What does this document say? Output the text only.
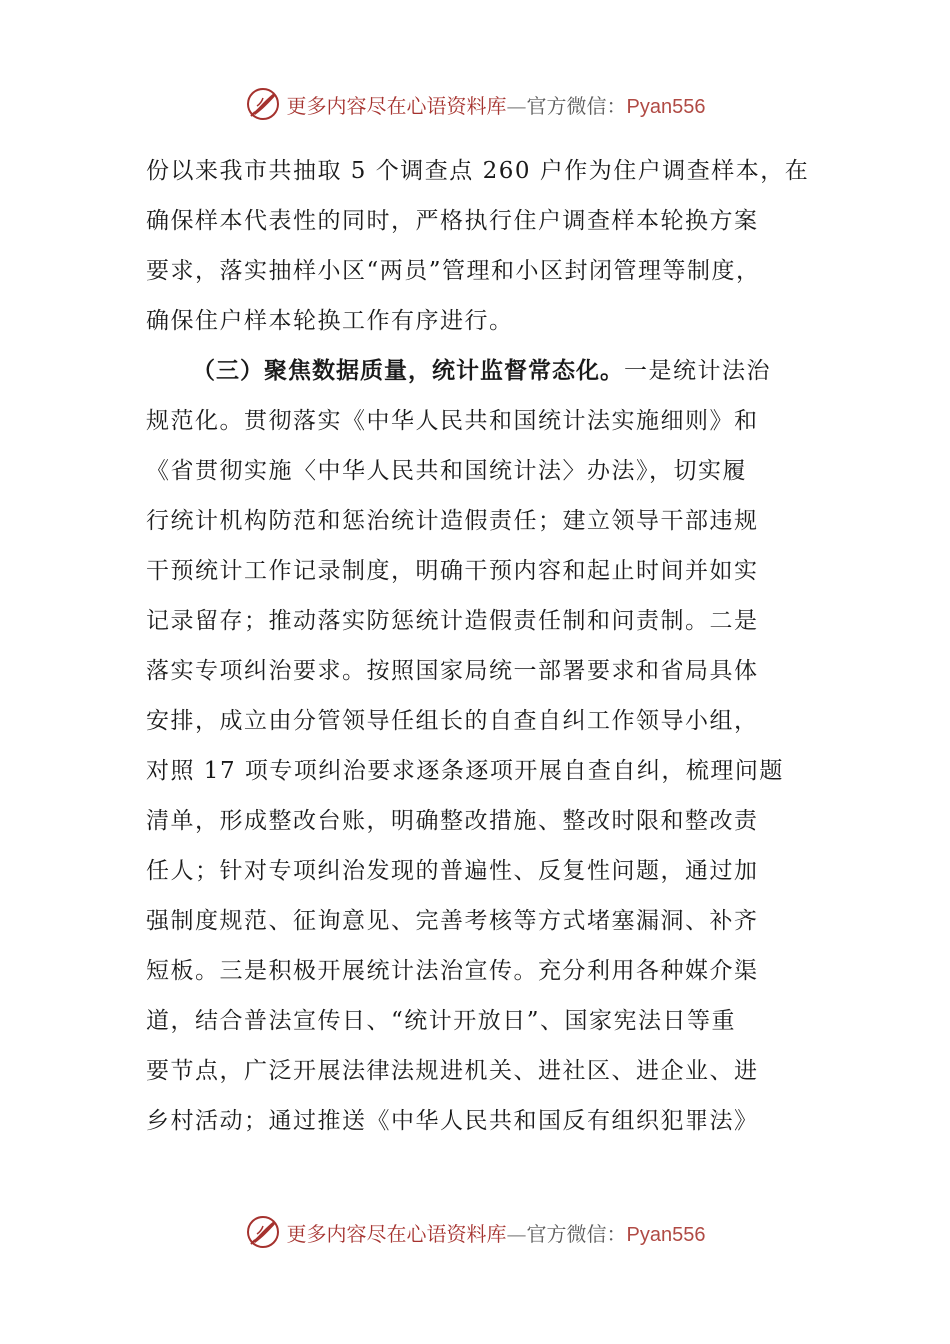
更多内容尽在心语资料库 — 官方微信： Pyan556
份以来我市共抽取 5 个调查点 260 户作为住户调查样本，在
确保样本代表性的同时，严格执行住户调查样本轮换方案
要求，落实抽样小区“两员”管理和小区封闭管理等制度，
确保住户样本轮换工作有序进行。
（三）聚焦数据质量，统计监督常态化。一是统计法治
规范化。贯彻落实《中华人民共和国统计法实施细则》和
《省贯彻实施〈中华人民共和国统计法〉办法》，切实履
行统计机构防范和惩治统计造假责任；建立领导干部违规
干预统计工作记录制度，明确干预内容和起止时间并如实
记录留存；推动落实防惩统计造假责任制和问责制。二是
落实专项纠治要求。按照国家局统一部署要求和省局具体
安排，成立由分管领导任组长的自查自纠工作领导小组，
对照 17 项专项纠治要求逐条逐项开展自查自纠，梳理问题
清单，形成整改台账，明确整改措施、整改时限和整改责
任人；针对专项纠治发现的普遍性、反复性问题，通过加
强制度规范、征询意见、完善考核等方式堵塞漏洞、补齐
短板。三是积极开展统计法治宣传。充分利用各种媒介渠
道，结合普法宣传日、“统计开放日”、国家宪法日等重
要节点，广泛开展法律法规进机关、进社区、进企业、进
乡村活动；通过推送《中华人民共和国反有组织犯罪法》
更多内容尽在心语资料库 — 官方微信： Pyan556
